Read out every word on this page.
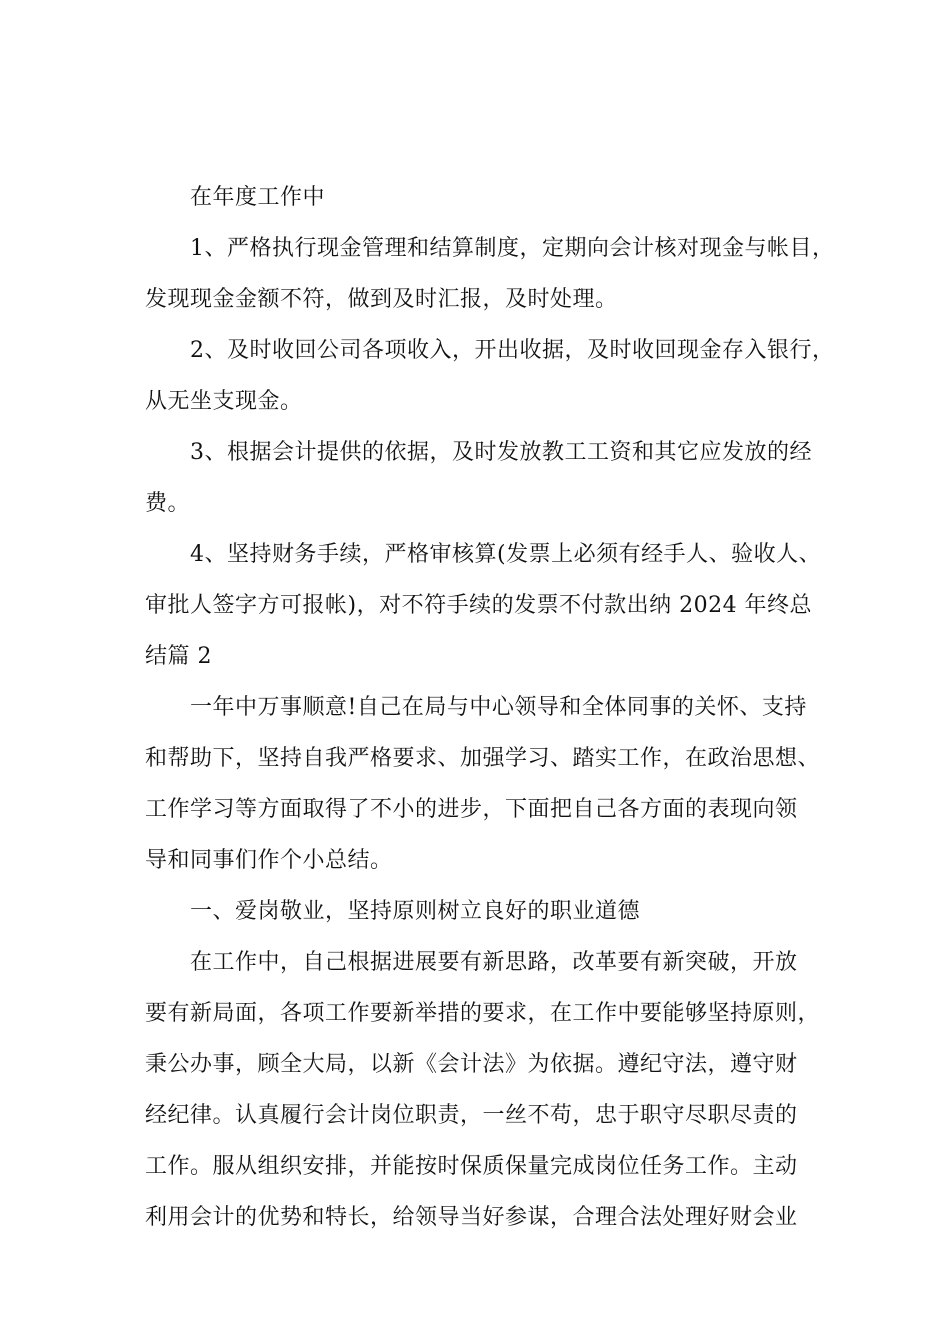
在年度工作中
1、严格执行现金管理和结算制度，定期向会计核对现金与帐目，
发现现金金额不符，做到及时汇报，及时处理。
2、及时收回公司各项收入，开出收据，及时收回现金存入银行，
从无坐支现金。
3、根据会计提供的依据，及时发放教工工资和其它应发放的经
费。
4、坚持财务手续，严格审核算(发票上必须有经手人、验收人、
审批人签字方可报帐)，对不符手续的发票不付款出纳 2024 年终总
结篇 2
一年中万事顺意!自己在局与中心领导和全体同事的关怀、支持
和帮助下，坚持自我严格要求、加强学习、踏实工作，在政治思想、
工作学习等方面取得了不小的进步，下面把自己各方面的表现向领
导和同事们作个小总结。
一、爱岗敬业，坚持原则树立良好的职业道德
在工作中，自己根据进展要有新思路，改革要有新突破，开放
要有新局面，各项工作要新举措的要求，在工作中要能够坚持原则，
秉公办事，顾全大局，以新《会计法》为依据。遵纪守法，遵守财
经纪律。认真履行会计岗位职责，一丝不苟，忠于职守尽职尽责的
工作。服从组织安排，并能按时保质保量完成岗位任务工作。主动
利用会计的优势和特长，给领导当好参谋，合理合法处理好财会业
